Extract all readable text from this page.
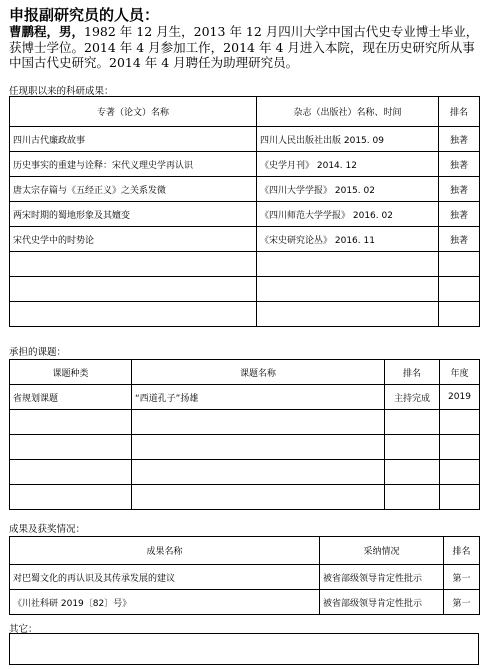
申报副研究员的人员：
曹鹏程，男，1982 年 12 月生，2013 年 12 月四川大学中国古代史专业博士毕业，获博士学位。2014 年 4 月参加工作，2014 年 4 月进入本院，现在历史研究所从事中国古代史研究。2014 年 4 月聘任为助理研究员。
任现职以来的科研成果：
专著（论文）名称	杂志（出版社）名称、时间	排名
四川古代廉政故事	四川人民出版社出版 2015. 09	独著
历史事实的重建与诠释：宋代义理史学再认识	《史学月刊》 2014. 12	独著
唐太宗存篇与《五经正义》之关系发微	《四川大学学报》 2015. 02	独著
两宋时期的蜀地形象及其嬗变	《四川师范大学学报》 2016. 02	独著
宋代史学中的时势论	《宋史研究论丛》 2016. 11	独著

承担的课题：
课题种类	课题名称	排名	年度
省规划课题	“西道孔子”扬雄	主持完成	2019

成果及获奖情况：
成果名称	采纳情况	排名
对巴蜀文化的再认识及其传承发展的建议	被省部级领导肯定性批示	第一
《川社科研 2019〔82〕号》	被省部级领导肯定性批示	第一
其它：
